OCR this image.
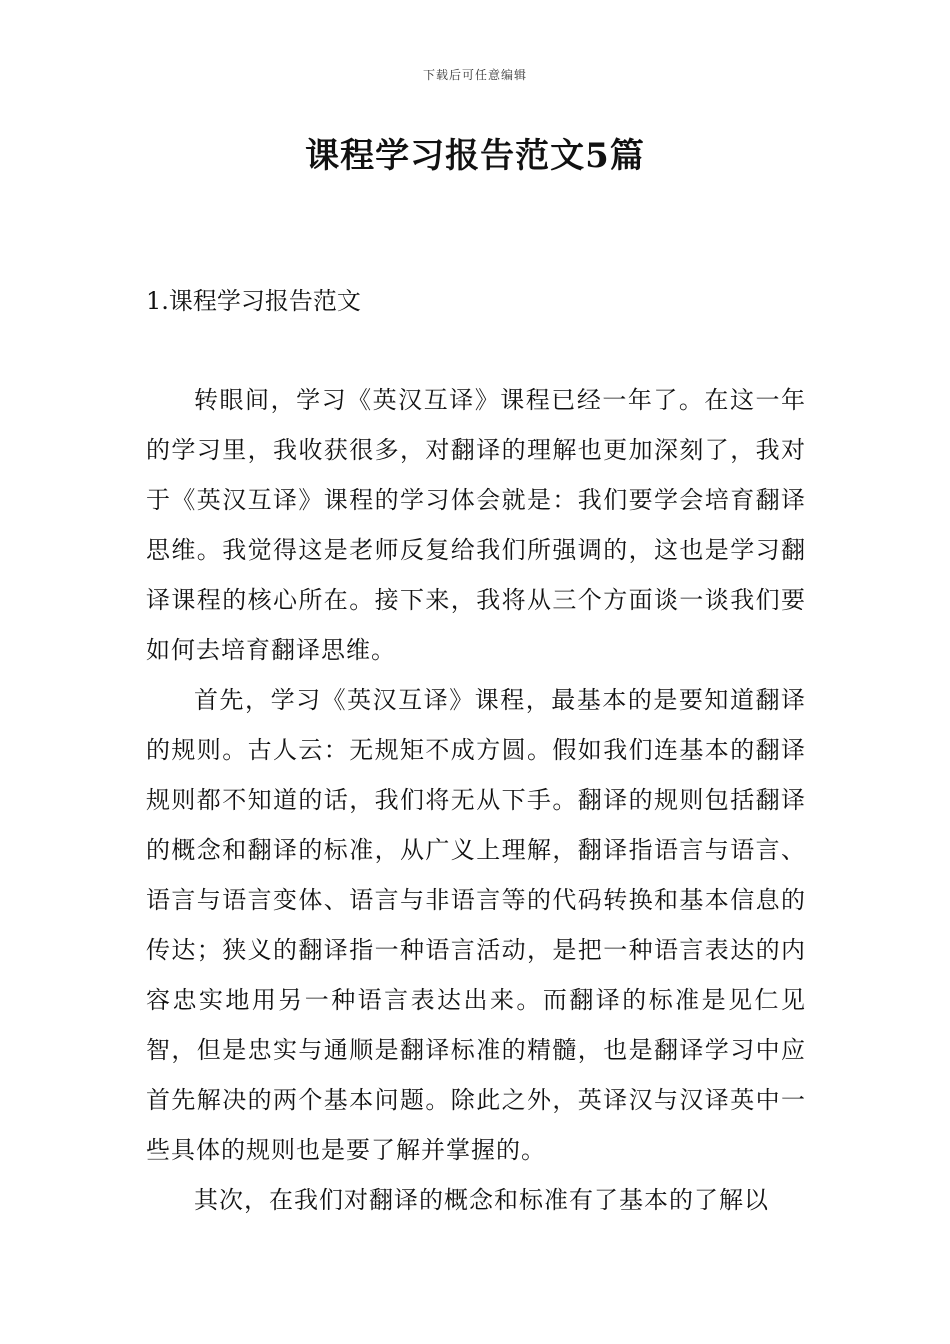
下载后可任意编辑
课程学习报告范文5篇
1.课程学习报告范文

转眼间，学习《英汉互译》课程已经一年了。在这一年的学习里，我收获很多，对翻译的理解也更加深刻了，我对于《英汉互译》课程的学习体会就是：我们要学会培育翻译思维。我觉得这是老师反复给我们所强调的，这也是学习翻译课程的核心所在。接下来，我将从三个方面谈一谈我们要如何去培育翻译思维。

首先，学习《英汉互译》课程，最基本的是要知道翻译的规则。古人云：无规矩不成方圆。假如我们连基本的翻译规则都不知道的话，我们将无从下手。翻译的规则包括翻译的概念和翻译的标准，从广义上理解，翻译指语言与语言、语言与语言变体、语言与非语言等的代码转换和基本信息的传达；狭义的翻译指一种语言活动，是把一种语言表达的内容忠实地用另一种语言表达出来。而翻译的标准是见仁见智，但是忠实与通顺是翻译标准的精髓，也是翻译学习中应首先解决的两个基本问题。除此之外，英译汉与汉译英中一些具体的规则也是要了解并掌握的。

其次，在我们对翻译的概念和标准有了基本的了解以
